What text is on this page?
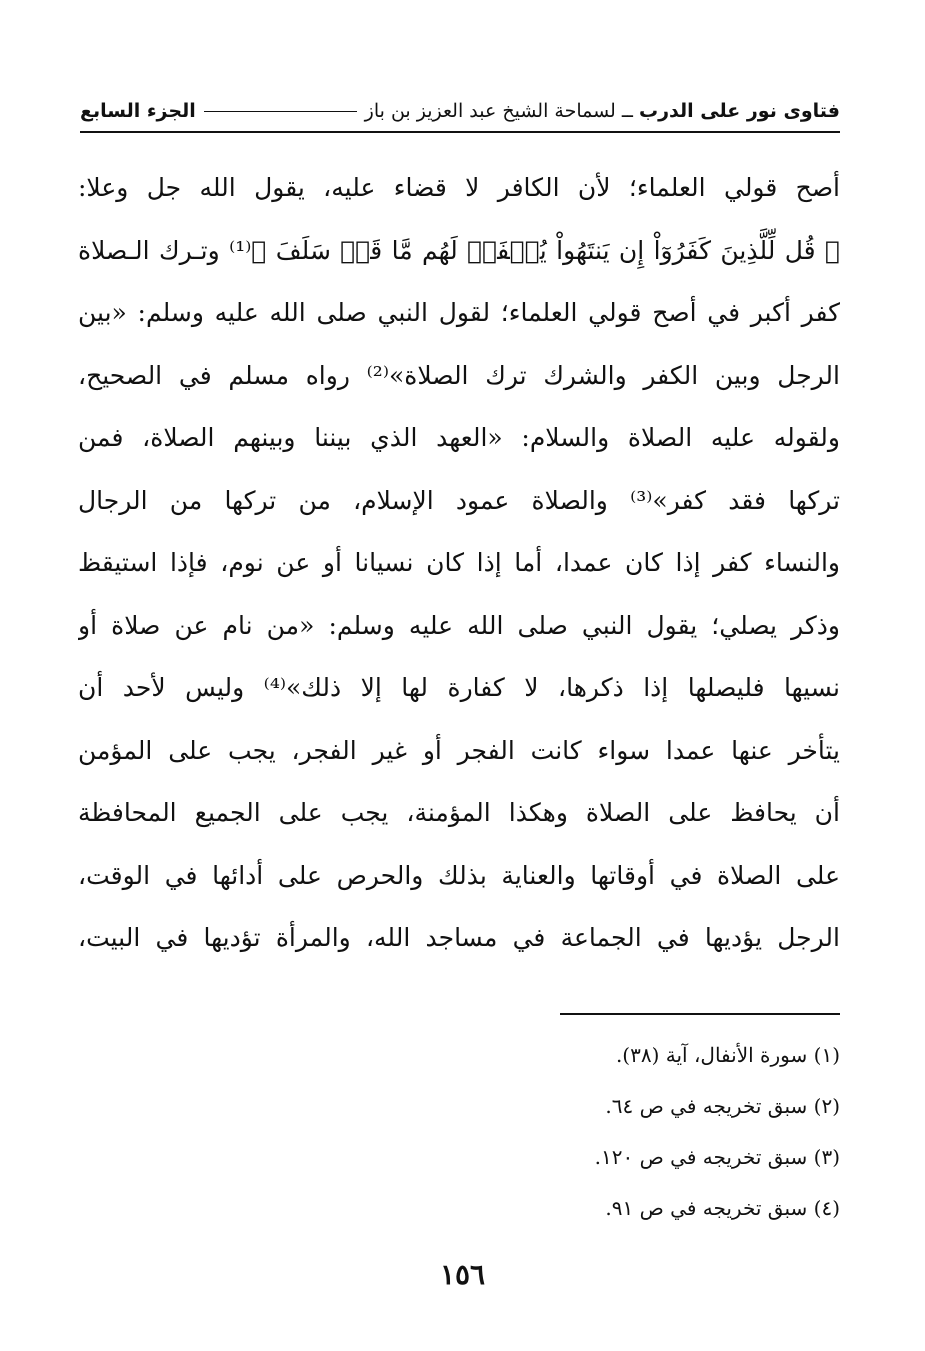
فتاوى نور على الدرب
ــ
لسماحة الشيخ عبد العزيز بن باز
الجزء السابع
أصح قولي العلماء؛ لأن الكافر لا قضاء عليه، يقول الله جل وعلا:
﴿ قُل لِّلَّذِينَ كَفَرُوٓاْ إِن يَنتَهُواْ يُغۡفَرۡ لَهُم مَّا قَدۡ سَلَفَ ﴾⁽¹⁾ وتـرك الـصلاة
كفر أكبر في أصح قولي العلماء؛ لقول النبي صلى الله عليه وسلم: «بين
الرجل وبين الكفر والشرك ترك الصلاة»⁽²⁾ رواه مسلم في الصحيح،
ولقوله عليه الصلاة والسلام: «العهد الذي بيننا وبينهم الصلاة، فمن
تركها فقد كفر»⁽³⁾ والصلاة عمود الإسلام، من تركها من الرجال
والنساء كفر إذا كان عمدا، أما إذا كان نسيانا أو عن نوم، فإذا استيقظ
وذكر يصلي؛ يقول النبي صلى الله عليه وسلم: «من نام عن صلاة أو
نسيها فليصلها إذا ذكرها، لا كفارة لها إلا ذلك»⁽⁴⁾ وليس لأحد أن
يتأخر عنها عمدا سواء كانت الفجر أو غير الفجر، يجب على المؤمن
أن يحافظ على الصلاة وهكذا المؤمنة، يجب على الجميع المحافظة
على الصلاة في أوقاتها والعناية بذلك والحرص على أدائها في الوقت،
الرجل يؤديها في الجماعة في مساجد الله، والمرأة تؤديها في البيت،
(١) سورة الأنفال، آية (٣٨).
(٢) سبق تخريجه في ص ٦٤.
(٣) سبق تخريجه في ص ١٢٠.
(٤) سبق تخريجه في ص ٩١.
١٥٦
